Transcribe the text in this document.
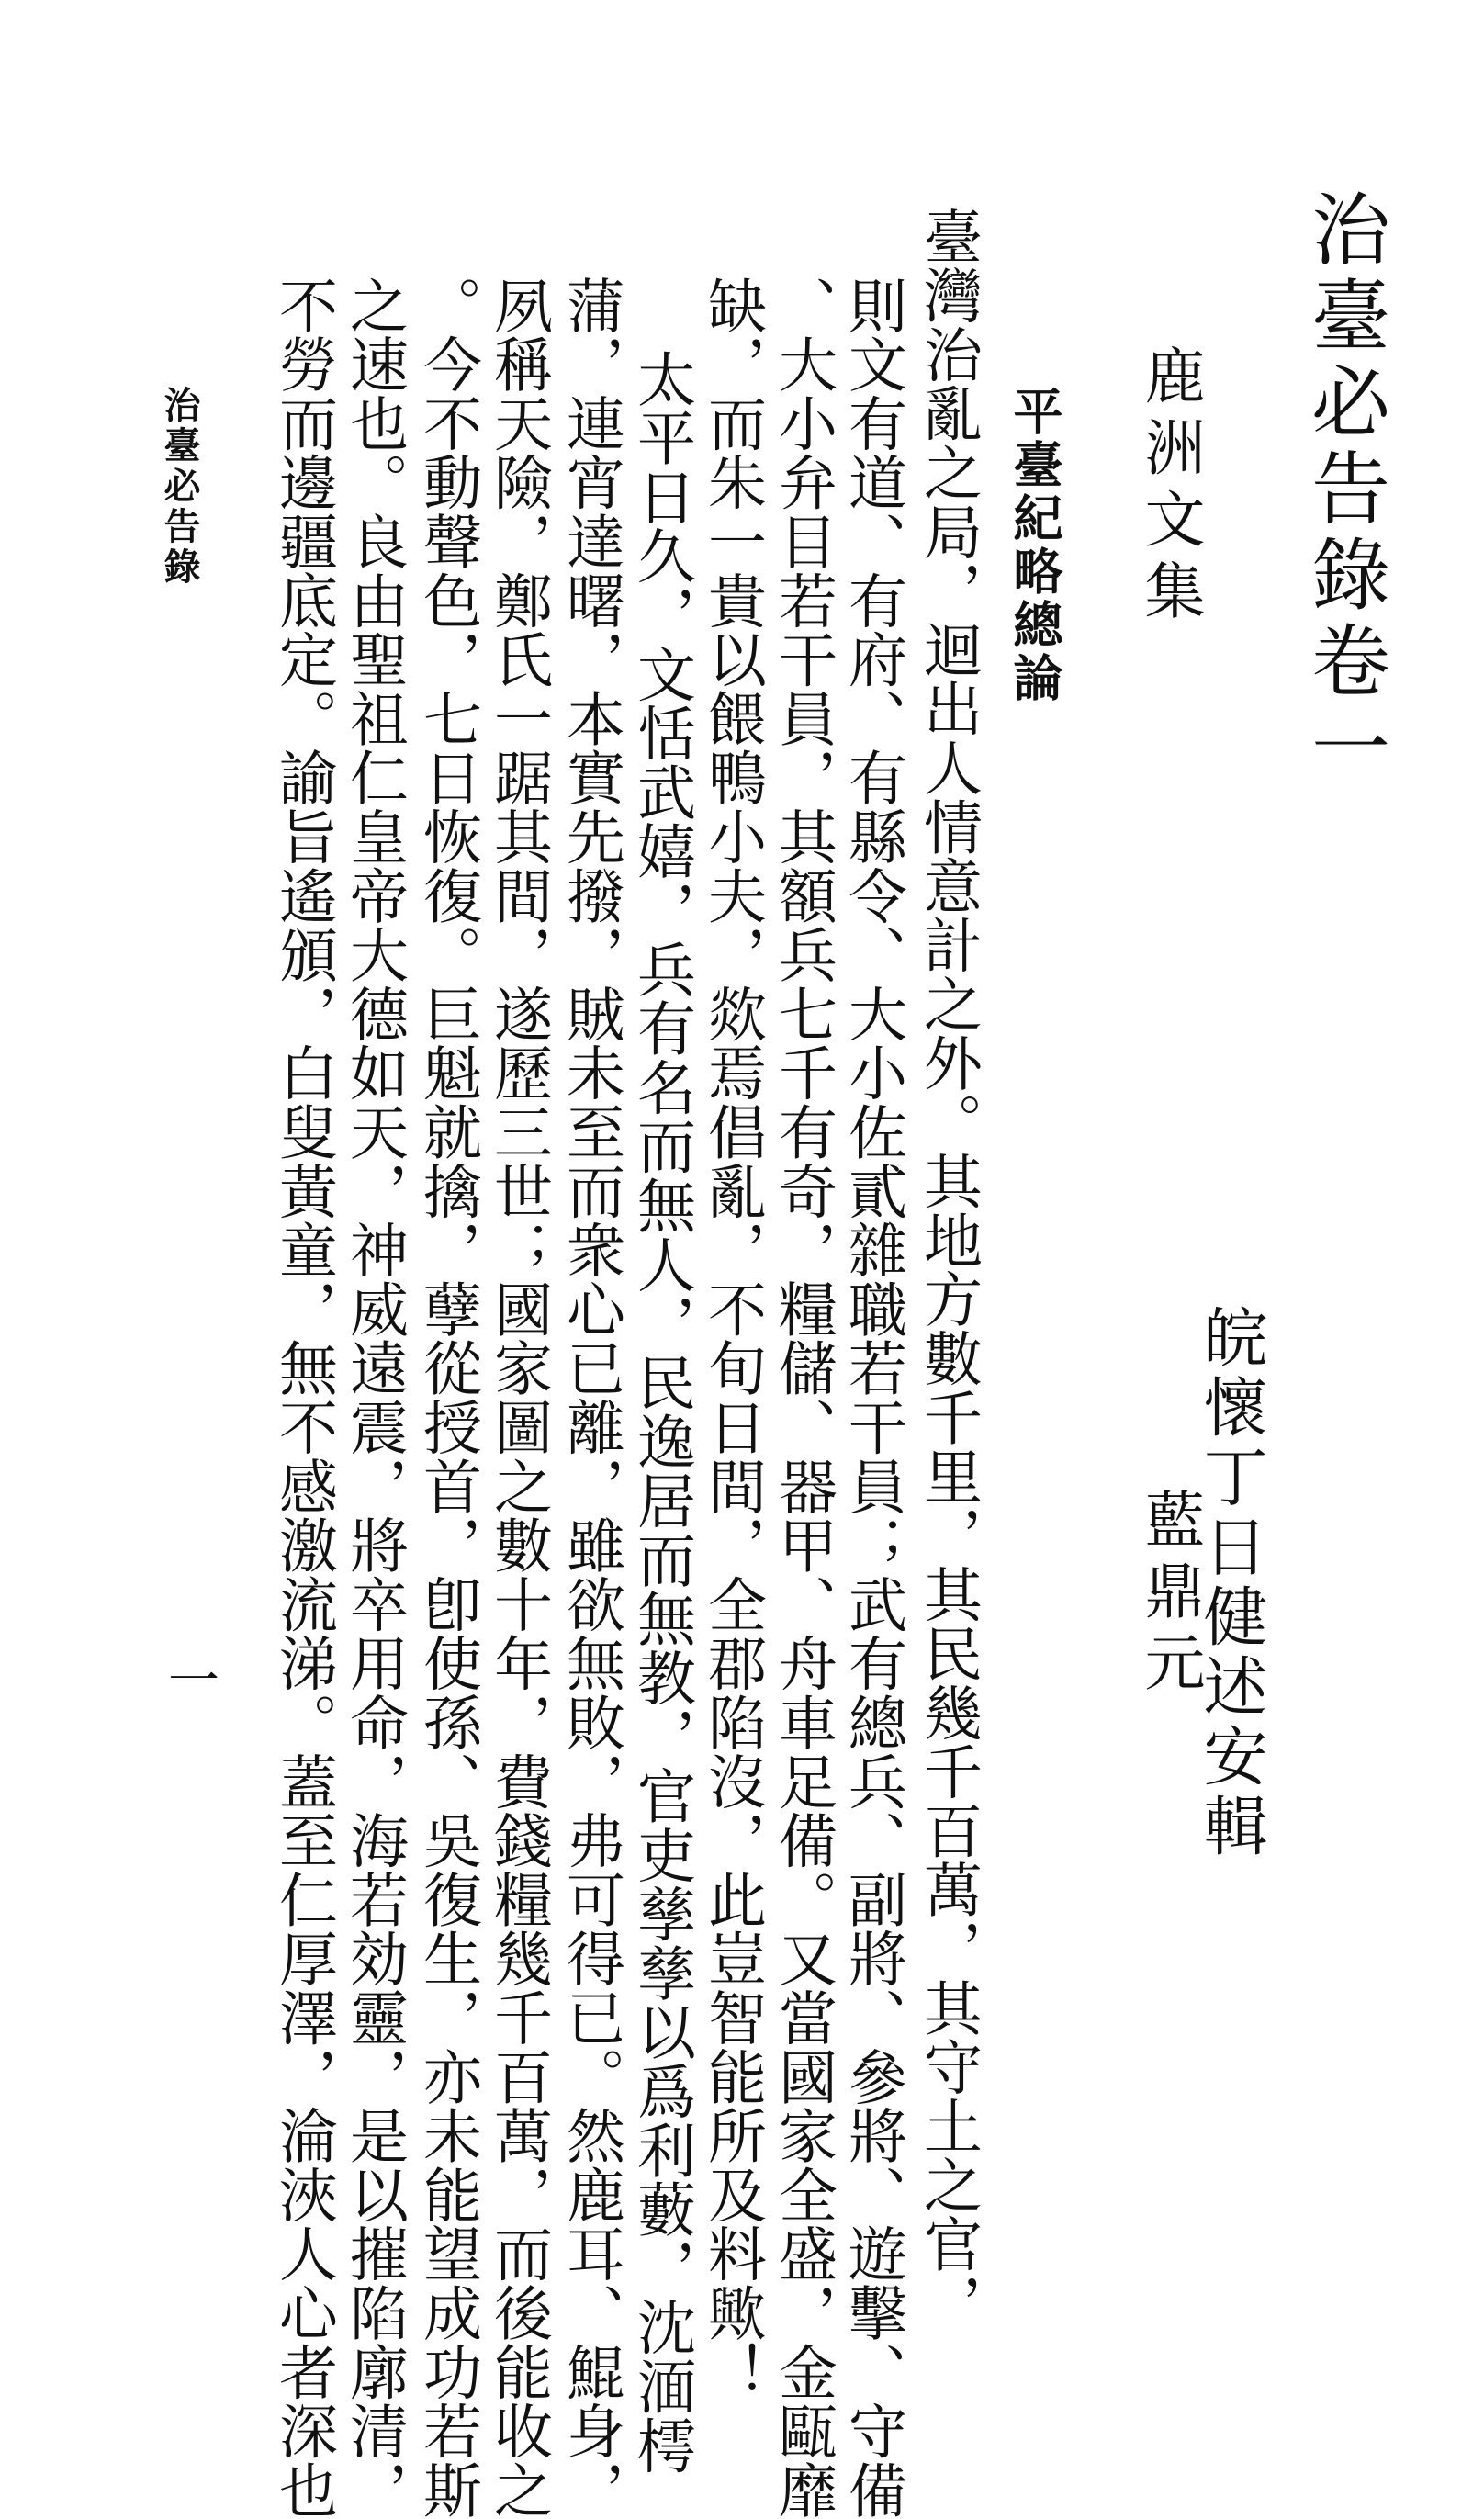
治臺必告錄卷一
皖懷丁日健述安輯
鹿洲文集
藍鼎元
平臺紀略總論
臺灣治亂之局，迴出人情意計之外。其地方數千里，其民幾千百萬，其守土之官，
則文有道、有府、有縣令、大小佐貳雜職若干員；武有總兵、副將、參將、遊擊、守備
、大小弁目若干員，其額兵七千有奇，糧儲、器甲、舟車足備。又當國家全盛，金甌靡
缺，而朱一貴以餵鴨小夫，欻焉倡亂，不旬日間，全郡陷沒，此豈智能所及料歟！
太平日久，文恬武嬉，兵有名而無人，民逸居而無教，官吏孳孳以爲利藪，沈湎樗
蒲，連宵達曙，本實先撥，賊未至而衆心已離，雖欲無敗，弗可得已。然鹿耳、鯤身，
夙稱天險，鄭氏一踞其間，遂歷三世；國家圖之數十年，費錢糧幾千百萬，而後能收之
。今不動聲色，七日恢復。巨魁就擒，孽從授首，卽使孫、吳復生，亦未能望成功若斯
之速也。良由聖祖仁皇帝大德如天，神威遠震，將卒用命，海若効靈，是以摧陷廓清，
不勞而邊疆底定。諭旨遙頒，白叟黃童，無不感激流涕。蓋至仁厚澤，淪浹人心者深也
治臺必告錄
一
